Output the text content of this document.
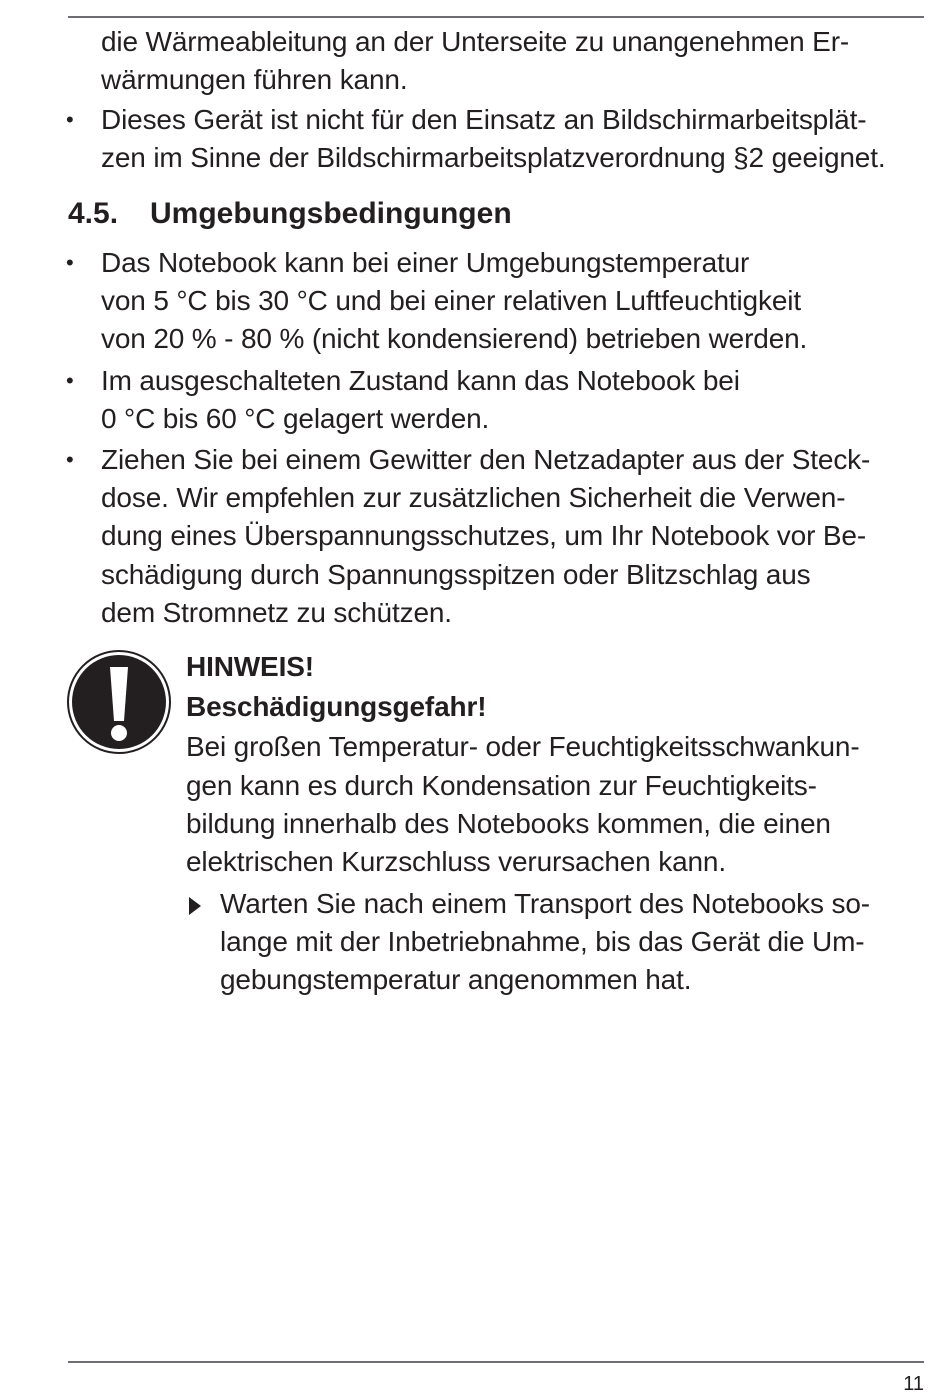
die Wärmeableitung an der Unterseite zu unangenehmen Er-
wärmungen führen kann.
• Dieses Gerät ist nicht für den Einsatz an Bildschirmarbeitsplät-
zen im Sinne der Bildschirmarbeitsplatzverordnung §2 geeignet.
4.5. Umgebungsbedingungen
• Das Notebook kann bei einer Umgebungstemperatur
von 5 °C bis 30 °C und bei einer relativen Luftfeuchtigkeit
von 20 % - 80 % (nicht kondensierend) betrieben werden.
• Im ausgeschalteten Zustand kann das Notebook bei
0 °C bis 60 °C gelagert werden.
• Ziehen Sie bei einem Gewitter den Netzadapter aus der Steck-
dose. Wir empfehlen zur zusätzlichen Sicherheit die Verwen-
dung eines Überspannungsschutzes, um Ihr Notebook vor Be-
schädigung durch Spannungsspitzen oder Blitzschlag aus
dem Stromnetz zu schützen.
HINWEIS!
Beschädigungsgefahr!
Bei großen Temperatur- oder Feuchtigkeitsschwankun-
gen kann es durch Kondensation zur Feuchtigkeits-
bildung innerhalb des Notebooks kommen, die einen
elektrischen Kurzschluss verursachen kann.
Warten Sie nach einem Transport des Notebooks so-
lange mit der Inbetriebnahme, bis das Gerät die Um-
gebungstemperatur angenommen hat.
11
